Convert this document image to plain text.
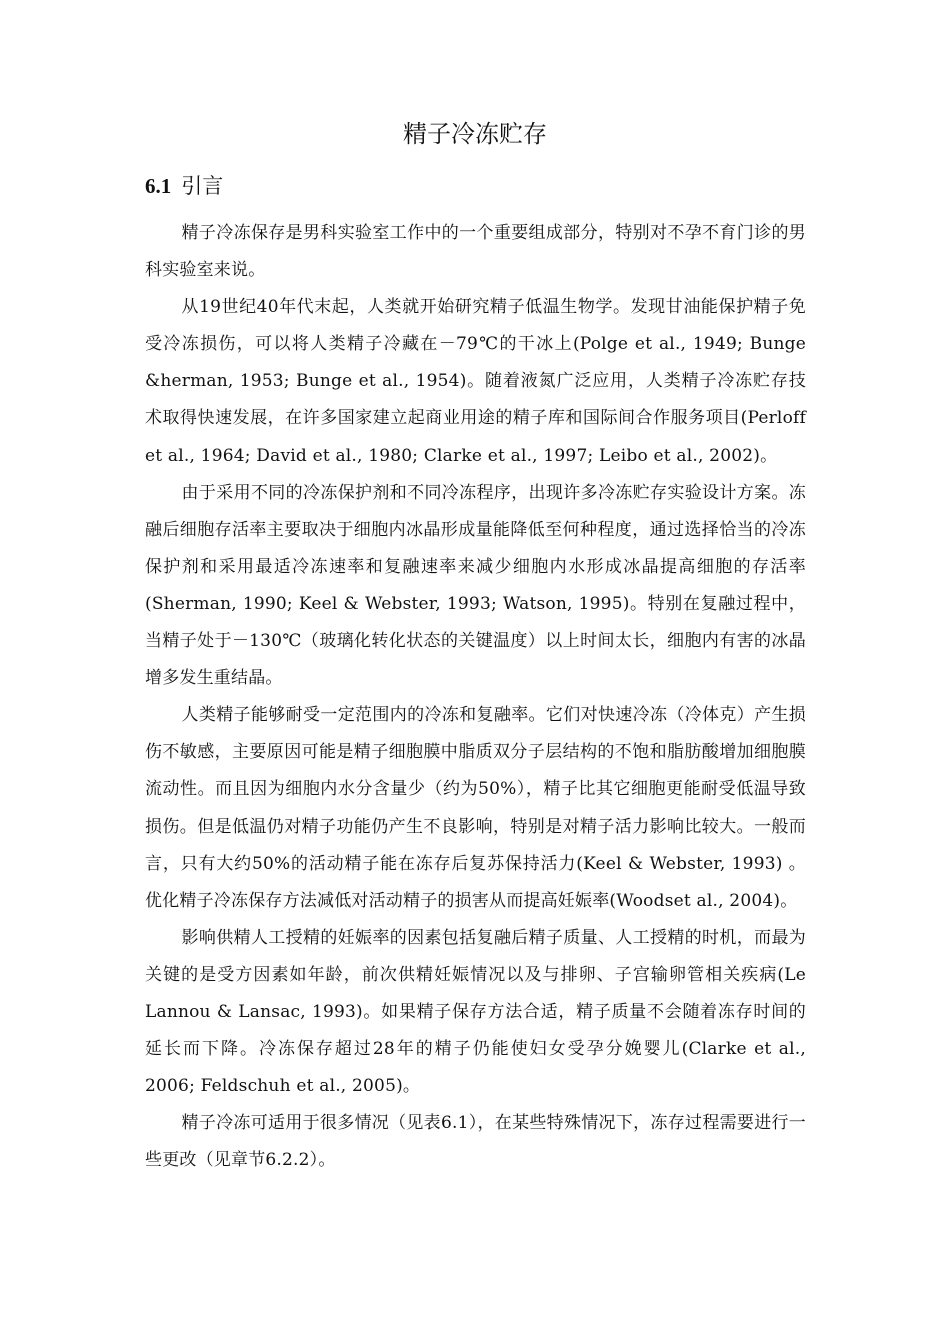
精子冷冻贮存
6.1 引言

精子冷冻保存是男科实验室工作中的一个重要组成部分，特别对不孕不育门诊的男科实验室来说。

从19世纪40年代末起，人类就开始研究精子低温生物学。发现甘油能保护精子免受冷冻损伤，可以将人类精子冷藏在－79℃的干冰上(Polge et al., 1949; Bunge &herman, 1953; Bunge et al., 1954)。随着液氮广泛应用，人类精子冷冻贮存技术取得快速发展，在许多国家建立起商业用途的精子库和国际间合作服务项目(Perloff et al., 1964; David et al., 1980; Clarke et al., 1997; Leibo et al., 2002)。

由于采用不同的冷冻保护剂和不同冷冻程序，出现许多冷冻贮存实验设计方案。冻融后细胞存活率主要取决于细胞内冰晶形成量能降低至何种程度，通过选择恰当的冷冻保护剂和采用最适冷冻速率和复融速率来减少细胞内水形成冰晶提高细胞的存活率(Sherman, 1990; Keel & Webster, 1993; Watson, 1995)。特别在复融过程中，当精子处于－130℃（玻璃化转化状态的关键温度）以上时间太长，细胞内有害的冰晶增多发生重结晶。

人类精子能够耐受一定范围内的冷冻和复融率。它们对快速冷冻（冷体克）产生损伤不敏感，主要原因可能是精子细胞膜中脂质双分子层结构的不饱和脂肪酸增加细胞膜流动性。而且因为细胞内水分含量少（约为50%），精子比其它细胞更能耐受低温导致损伤。但是低温仍对精子功能仍产生不良影响，特别是对精子活力影响比较大。一般而言，只有大约50%的活动精子能在冻存后复苏保持活力(Keel & Webster, 1993) 。优化精子冷冻保存方法减低对活动精子的损害从而提高妊娠率(Woodset al., 2004)。

影响供精人工授精的妊娠率的因素包括复融后精子质量、人工授精的时机，而最为关键的是受方因素如年龄，前次供精妊娠情况以及与排卵、子宫输卵管相关疾病(Le Lannou & Lansac, 1993)。如果精子保存方法合适，精子质量不会随着冻存时间的延长而下降。冷冻保存超过28年的精子仍能使妇女受孕分娩婴儿(Clarke et al., 2006; Feldschuh et al., 2005)。

精子冷冻可适用于很多情况（见表6.1），在某些特殊情况下，冻存过程需要进行一些更改（见章节6.2.2）。
